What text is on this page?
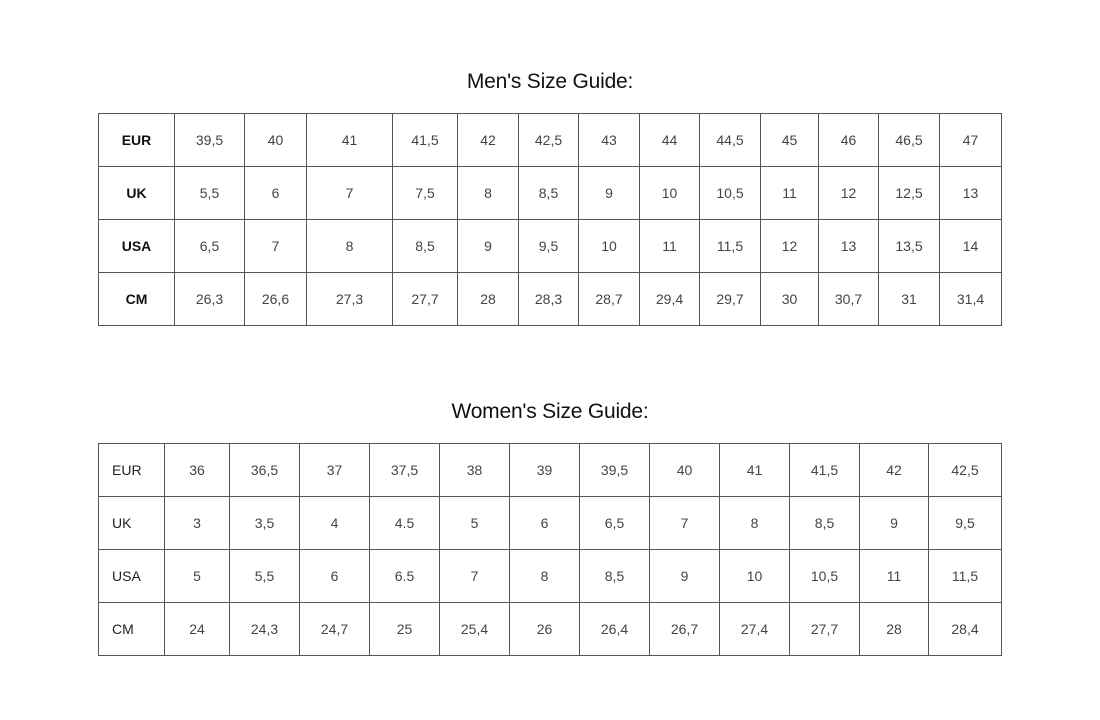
Men's Size Guide:
EUR	39,5	40	41	41,5	42	42,5	43	44	44,5	45	46	46,5	47
UK	5,5	6	7	7,5	8	8,5	9	10	10,5	11	12	12,5	13
USA	6,5	7	8	8,5	9	9,5	10	11	11,5	12	13	13,5	14
CM	26,3	26,6	27,3	27,7	28	28,3	28,7	29,4	29,7	30	30,7	31	31,4
Women's Size Guide:
EUR	36	36,5	37	37,5	38	39	39,5	40	41	41,5	42	42,5
UK	3	3,5	4	4.5	5	6	6,5	7	8	8,5	9	9,5
USA	5	5,5	6	6.5	7	8	8,5	9	10	10,5	11	11,5
CM	24	24,3	24,7	25	25,4	26	26,4	26,7	27,4	27,7	28	28,4
